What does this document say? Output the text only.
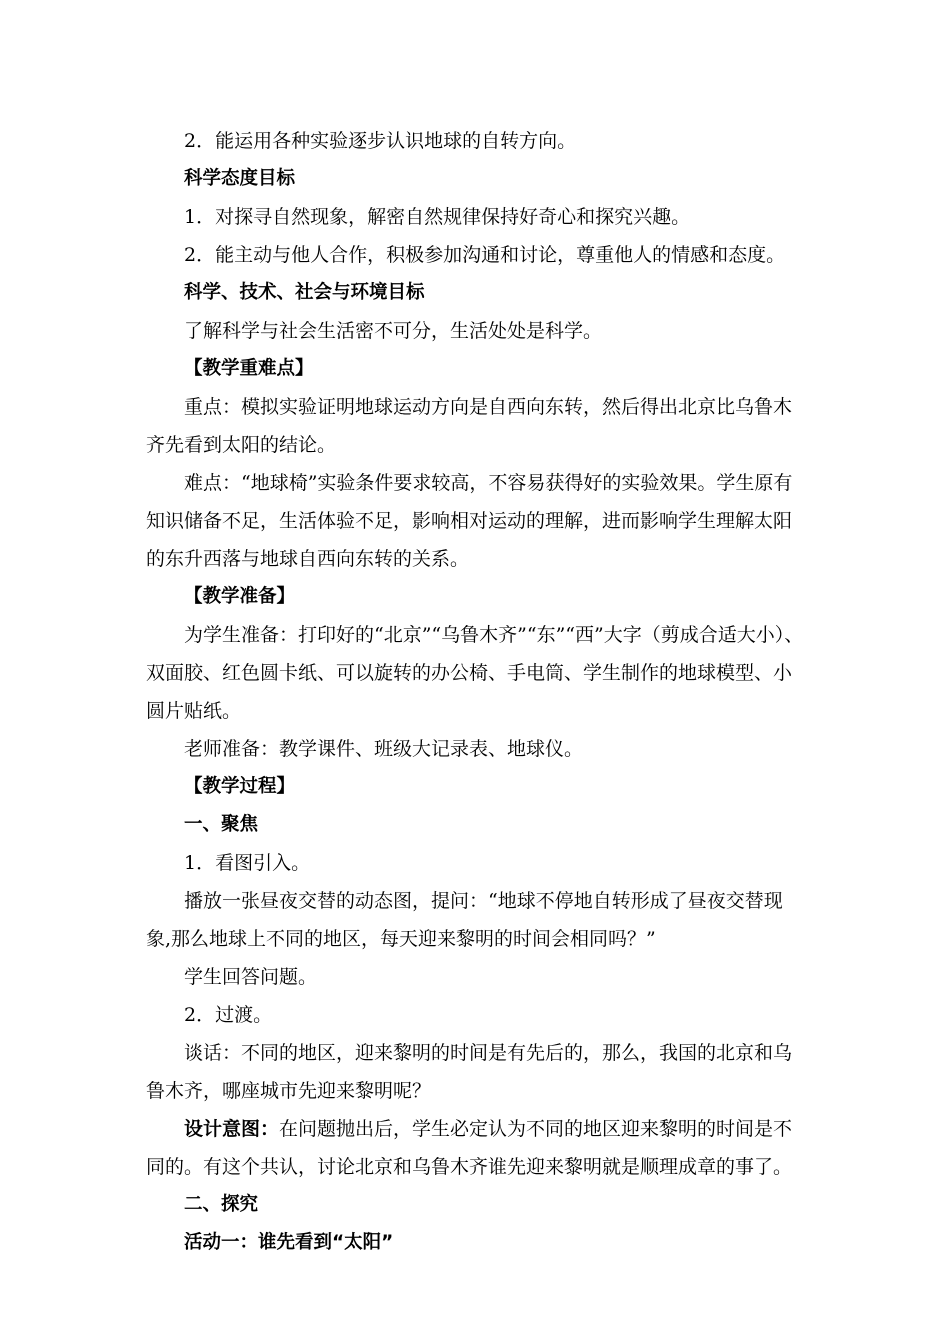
2．能运用各种实验逐步认识地球的自转方向。

科学态度目标

1．对探寻自然现象，解密自然规律保持好奇心和探究兴趣。

2．能主动与他人合作，积极参加沟通和讨论，尊重他人的情感和态度。

科学、技术、社会与环境目标

了解科学与社会生活密不可分，生活处处是科学。

【教学重难点】

重点：模拟实验证明地球运动方向是自西向东转，然后得出北京比乌鲁木齐先看到太阳的结论。

难点：“地球椅”实验条件要求较高，不容易获得好的实验效果。学生原有知识储备不足，生活体验不足，影响相对运动的理解，进而影响学生理解太阳的东升西落与地球自西向东转的关系。

【教学准备】

为学生准备：打印好的“北京”“乌鲁木齐”“东”“西”大字（剪成合适大小）、双面胶、红色圆卡纸、可以旋转的办公椅、手电筒、学生制作的地球模型、小圆片贴纸。

老师准备：教学课件、班级大记录表、地球仪。

【教学过程】

一、聚焦

1．看图引入。

播放一张昼夜交替的动态图，提问：“地球不停地自转形成了昼夜交替现象,那么地球上不同的地区，每天迎来黎明的时间会相同吗？”

学生回答问题。

2．过渡。

谈话：不同的地区，迎来黎明的时间是有先后的，那么，我国的北京和乌鲁木齐，哪座城市先迎来黎明呢？

设计意图：在问题抛出后，学生必定认为不同的地区迎来黎明的时间是不同的。有这个共认，讨论北京和乌鲁木齐谁先迎来黎明就是顺理成章的事了。

二、探究

活动一：谁先看到“太阳”
